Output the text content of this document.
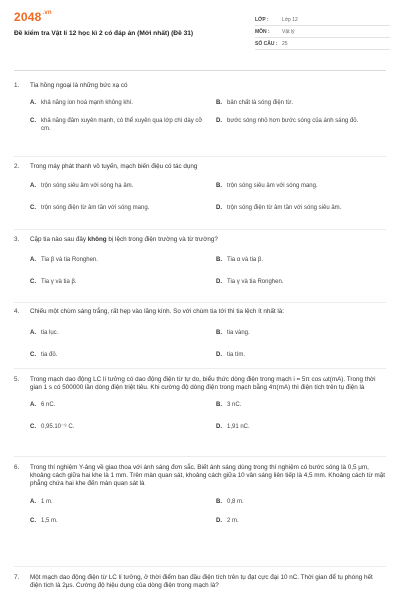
$2048^{.vn}$
Đề kiểm tra Vật lí 12 học kì 2 có đáp án (Mới nhất) (Đề 31)
LỚP :	Lớp 12
MÔN :	Vật lý
SỐ CÂU : 25
1.	Tia hồng ngoại là những bức xạ có
A. khả năng ion hoá mạnh không khí.	B. bản chất là sóng điện từ.
C. khả năng đâm xuyên mạnh, có thể xuyên qua lớp chì dày cỡ cm.
D. bước sóng nhỏ hơn bước sóng của ánh sáng đỏ.
2.	Trong máy phát thanh vô tuyến, mạch biến điệu có tác dụng
A. trộn sóng siêu âm với sóng hạ âm.	B. trộn sóng siêu âm với sóng mang.
C. trộn sóng điện từ âm tần với sóng mang.	D. trộn sóng điện từ âm tần với sóng siêu âm.
3.	Cặp tia nào sau đây không bị lệch trong điện trường và từ trường?
A. Tia β và tia Ronghen.	B. Tia α và tia β.
C. Tia γ và tia β.	D. Tia γ và tia Ronghen.
4.	Chiếu một chùm sáng trắng, rất hẹp vào lăng kính. So với chùm tia tới thì tia lệch ít nhất là:
A. tia lục.	B. tia vàng.
C. tia đỏ.	D. tia tím.
5.	Trong mạch dao động LC lí tưởng có dao động điện từ tự do, biểu thức dòng điện trong mạch i = 5π cos ωt(mA). Trong thời gian 1 s có 500000 lần dòng điện triệt tiêu. Khi cường độ dòng điện trong mạch bằng 4π(mA) thì điện tích trên tụ điện là
A. 6 nC.	B. 3 nC.
C. 0,95.10⁻⁹ C.	D. 1,91 nC.
6.	Trong thí nghiệm Y-âng về giao thoa với ánh sáng đơn sắc. Biết ánh sáng dùng trong thí nghiệm có bước sóng là 0,5 μm, khoảng cách giữa hai khe là 1 mm. Trên màn quan sát, khoảng cách giữa 10 vân sáng liên tiếp là 4,5 mm. Khoảng cách từ mặt phẳng chứa hai khe đến màn quan sát là
A. 1 m.	B. 0,8 m.
C. 1,5 m.	D. 2 m.
7.	Một mạch dao động điện từ LC lí tưởng, ở thời điểm ban đầu điện tích trên tụ đạt cực đại 10 nC. Thời gian để tụ phóng hết điện tích là 2μs. Cường độ hiệu dụng của dòng điện trong mạch là?
